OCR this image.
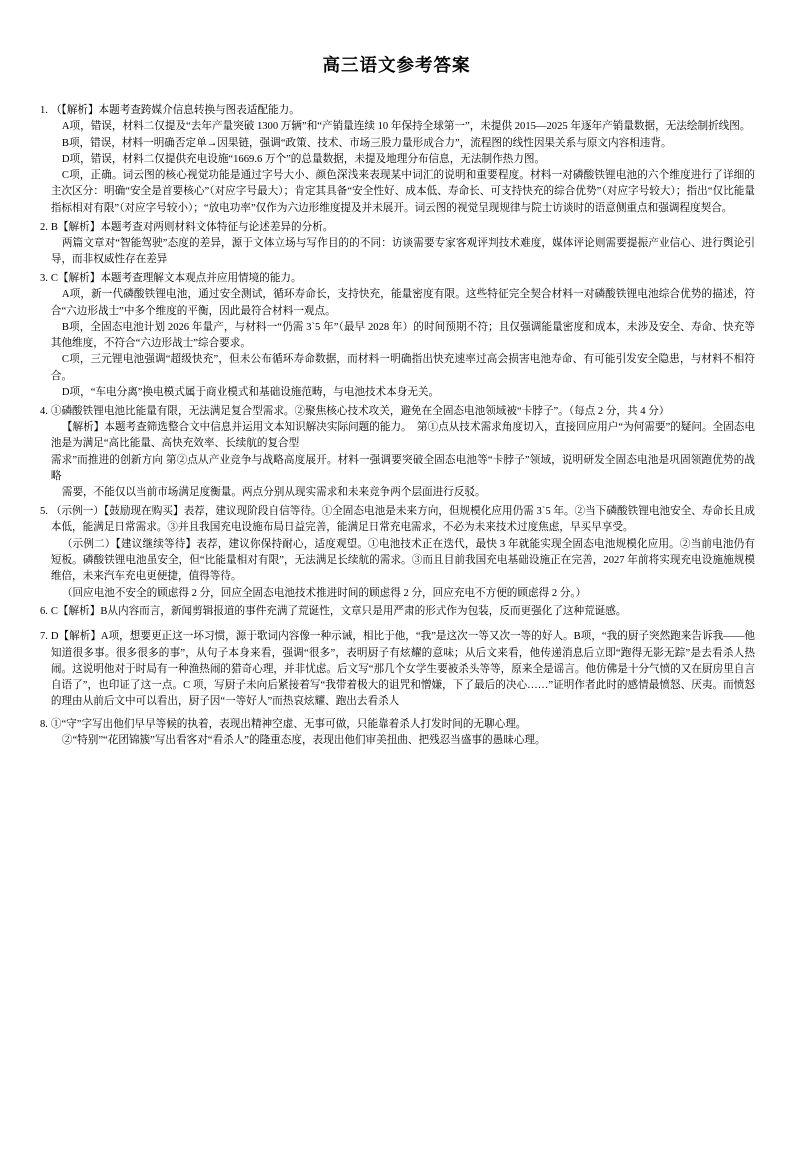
高三语文参考答案
1. （【解析】本题考查跨媒介信息转换与图表适配能力。

A项，错误，材料二仅提及“去年产量突破 1300 万辆”和“产销量连续 10 年保持全球第一”，未提供 2015—2025 年逐年产销量数据，无法绘制折线图。

B项，错误，材料一明确否定单→因果链，强调“政策、技术、市场三股力量形成合力”，流程图的线性因果关系与原文内容相违背。

D项，错误，材料二仅提供充电设施“1669.6 万个”的总量数据，未提及地理分布信息，无法制作热力图。

C项，正确。词云图的核心视觉功能是通过字号大小、颜色深浅来表现某中词汇的说明和重要程度。材料一对磷酸铁锂电池的六个维度进行了详细的主次区分：明确“安全是首要核心”（对应字号最大）；肯定其具备“安全性好、成本低、寿命长、可支持快充的综合优势”（对应字号较大）；指出“仅比能量指标相对有限”（对应字号较小）；“放电功率”仅作为六边形维度提及并未展开。词云图的视觉呈现规律与院士访谈时的语意侧重点和强调程度契合。

2. B【解析】本题考查对两则材料文体特征与论述差异的分析。

两篇文章对“智能驾驶”态度的差异，源于文体立场与写作目的的不同：访谈需要专家客观评判技术难度，媒体评论则需要提振产业信心、进行舆论引导，而非权威性存在差异

3. C【解析】本题考查理解文本观点并应用情境的能力。

A项，新一代磷酸铁锂电池，通过安全测试，循环寿命长，支持快充，能量密度有限。这些特征完全契合材料一对磷酸铁锂电池综合优势的描述，符合“六边形战士”中多个维度的平衡，因此最符合材料一观点。

B项，全固态电池计划 2026 年量产，与材料一“仍需 3`5 年”（最早 2028 年）的时间预期不符；且仅强调能量密度和成本，未涉及安全、寿命、快充等其他维度，不符合“六边形战士”综合要求。

C项，三元锂电池强调“超级快充”，但未公布循环寿命数据，而材料一明确指出快充速率过高会损害电池寿命、有可能引发安全隐患，与材料不相符合。

D项，“车电分离”换电模式属于商业模式和基础设施范畴，与电池技术本身无关。

4. ①磷酸铁锂电池比能量有限，无法满足复合型需求。②聚焦核心技术攻关，避免在全固态电池领域被“卡脖子”。（每点 2 分，共 4 分）

【解析】本题考查筛选整合文中信息并运用文本知识解决实际问题的能力。　第①点从技术需求角度切入，直接回应用户“为何需要”的疑问。全固态电池是为满足“高比能量、高快充效率、长续航的复合型

需求”而推进的创新方向 第②点从产业竞争与战略高度展开。材料一强调要突破全固态电池等“卡脖子”领域，说明研发全固态电池是巩固领跑优势的战略

需要，不能仅以当前市场满足度衡量。两点分别从现实需求和未来竞争两个层面进行反驳。

5. （示例一）【鼓励现在购买】表荐，建议现阶段自信等待。①全固态电池是未来方向，但规模化应用仍需 3`5 年。②当下磷酸铁锂电池安全、寿命长且成本低，能满足日常需求。③并且我国充电设施布局日益完善，能满足日常充电需求，不必为未来技术过度焦虑，早买早享受。

（示例二）【建议继续等待】表荐，建议你保持耐心，适度观望。①电池技术正在迭代，最快 3 年就能实现全固态电池规模化应用。②当前电池仍有短板。磷酸铁锂电池虽安全，但“比能量相对有限”，无法满足长续航的需求。③而且目前我国充电基础设施正在完善，2027 年前将实现充电设施施规模维倍，未来汽车充电更便捷，值得等待。

（回应电池不安全的顾虑得 2 分，回应全固态电池技术推进时间的顾虑得 2 分，回应充电不方便的顾虑得 2 分。）

6. C【解析】B从内容而言，新闻剪辑报道的事件充满了荒诞性，文章只是用严肃的形式作为包装，反而更强化了这种荒诞感。

7. D【解析】A项，想要更正这一坏习惯，源于歌词内容像一种示诫，相比于他，“我”是这次一等又次一等的好人。B项，“我的厨子突然跑来告诉我——他知道很多事。很多很多的事”，从句子本身来看，强调“很多”，表明厨子有炫耀的意味；从后文来看，他传递消息后立即“跑得无影无踪”是去看杀人热闹。这说明他对于时局有一种渔热闹的猎奇心理，并非忧虑。后文写“那几个女学生要被杀头等等，原来全是谣言。他仿佛是十分气愤的又在厨房里自言自语了”，也印证了这一点。C 项，写厨子未向后紧接着写“我带着极大的诅咒和憎嫌，下了最后的决心……”证明作者此时的感情最愤怒、厌夷。而愤怒的理由从前后文中可以看出，厨子因“一等好人”而热哀炫耀、跑出去看杀人

8. ①“守”字写出他们早早等候的执着，表现出精神空虚、无事可做，只能靠着杀人打发时间的无聊心理。

②“特别”“花团锦簇”写出看客对“看杀人”的隆重态度，表现出他们审美扭曲、把残忍当盛事的愚昧心理。
